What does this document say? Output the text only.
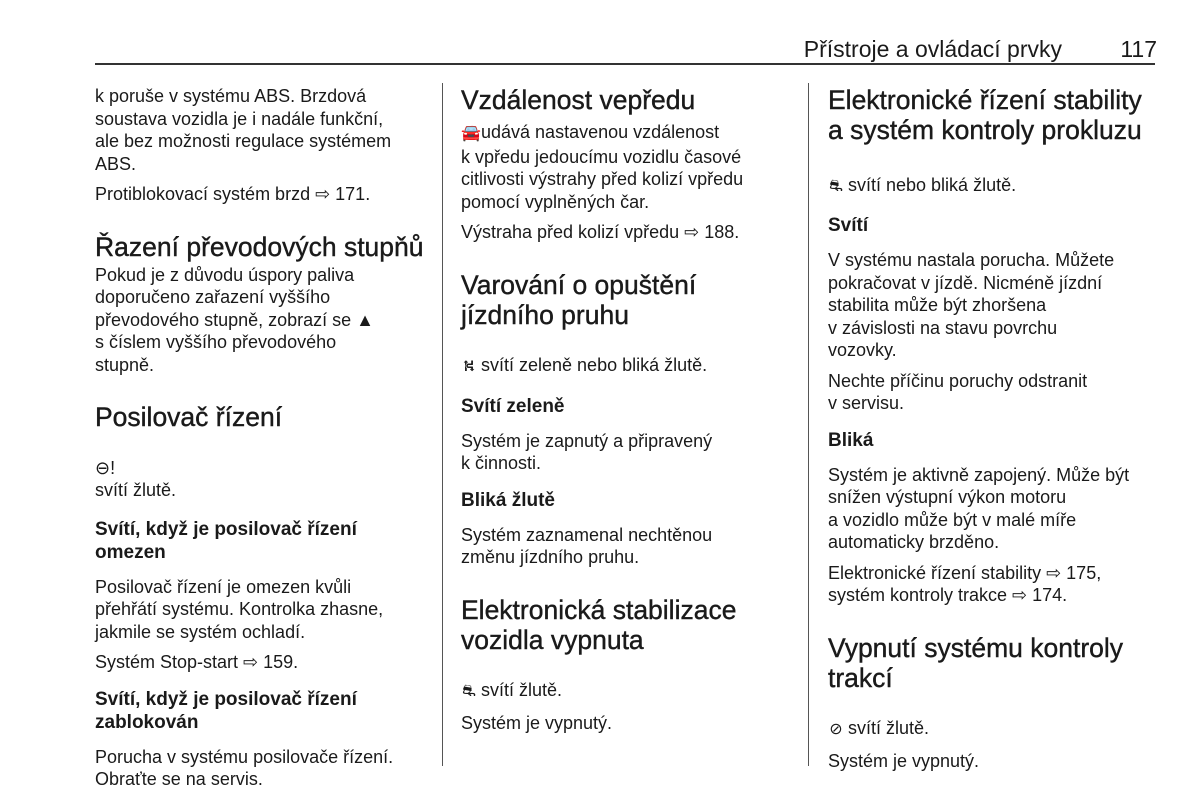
Přístroje a ovládací prvky	117

k poruše v systému ABS. Brzdová
soustava vozidla je i nadále funkční,
ale bez možnosti regulace systémem
ABS.

Protiblokovací systém brzd ⇨ 171.

Řazení převodových stupňů

Pokud je z důvodu úspory paliva
doporučeno zařazení vyššího
převodového stupně, zobrazí se ▲
s číslem vyššího převodového
stupně.

Posilovač řízení

⊖!
svítí žlutě.

Svítí, když je posilovač řízení
omezen

Posilovač řízení je omezen kvůli
přehřátí systému. Kontrolka zhasne,
jakmile se systém ochladí.

Systém Stop-start ⇨ 159.

Svítí, když je posilovač řízení
zablokován

Porucha v systému posilovače řízení.
Obraťte se na servis.

Vzdálenost vepředu

🚘udává nastavenou vzdálenost
k vpředu jedoucímu vozidlu časové
citlivosti výstrahy před kolizí vpředu
pomocí vyplněných čar.

Výstraha před kolizí vpředu ⇨ 188.

Varování o opuštění
jízdního pruhu

⛕ svítí zeleně nebo bliká žlutě.

Svítí zeleně

Systém je zapnutý a připravený
k činnosti.

Bliká žlutě

Systém zaznamenal nechtěnou
změnu jízdního pruhu.

Elektronická stabilizace
vozidla vypnuta

⛐ svítí žlutě.

Systém je vypnutý.

Elektronické řízení stability
a systém kontroly prokluzu

⛐ svítí nebo bliká žlutě.

Svítí

V systému nastala porucha. Můžete
pokračovat v jízdě. Nicméně jízdní
stabilita může být zhoršena
v závislosti na stavu povrchu
vozovky.

Nechte příčinu poruchy odstranit
v servisu.

Bliká

Systém je aktivně zapojený. Může být
snížen výstupní výkon motoru
a vozidlo může být v malé míře
automaticky brzděno.

Elektronické řízení stability ⇨ 175,
systém kontroly trakce ⇨ 174.

Vypnutí systému kontroly
trakcí

⊘ svítí žlutě.

Systém je vypnutý.
